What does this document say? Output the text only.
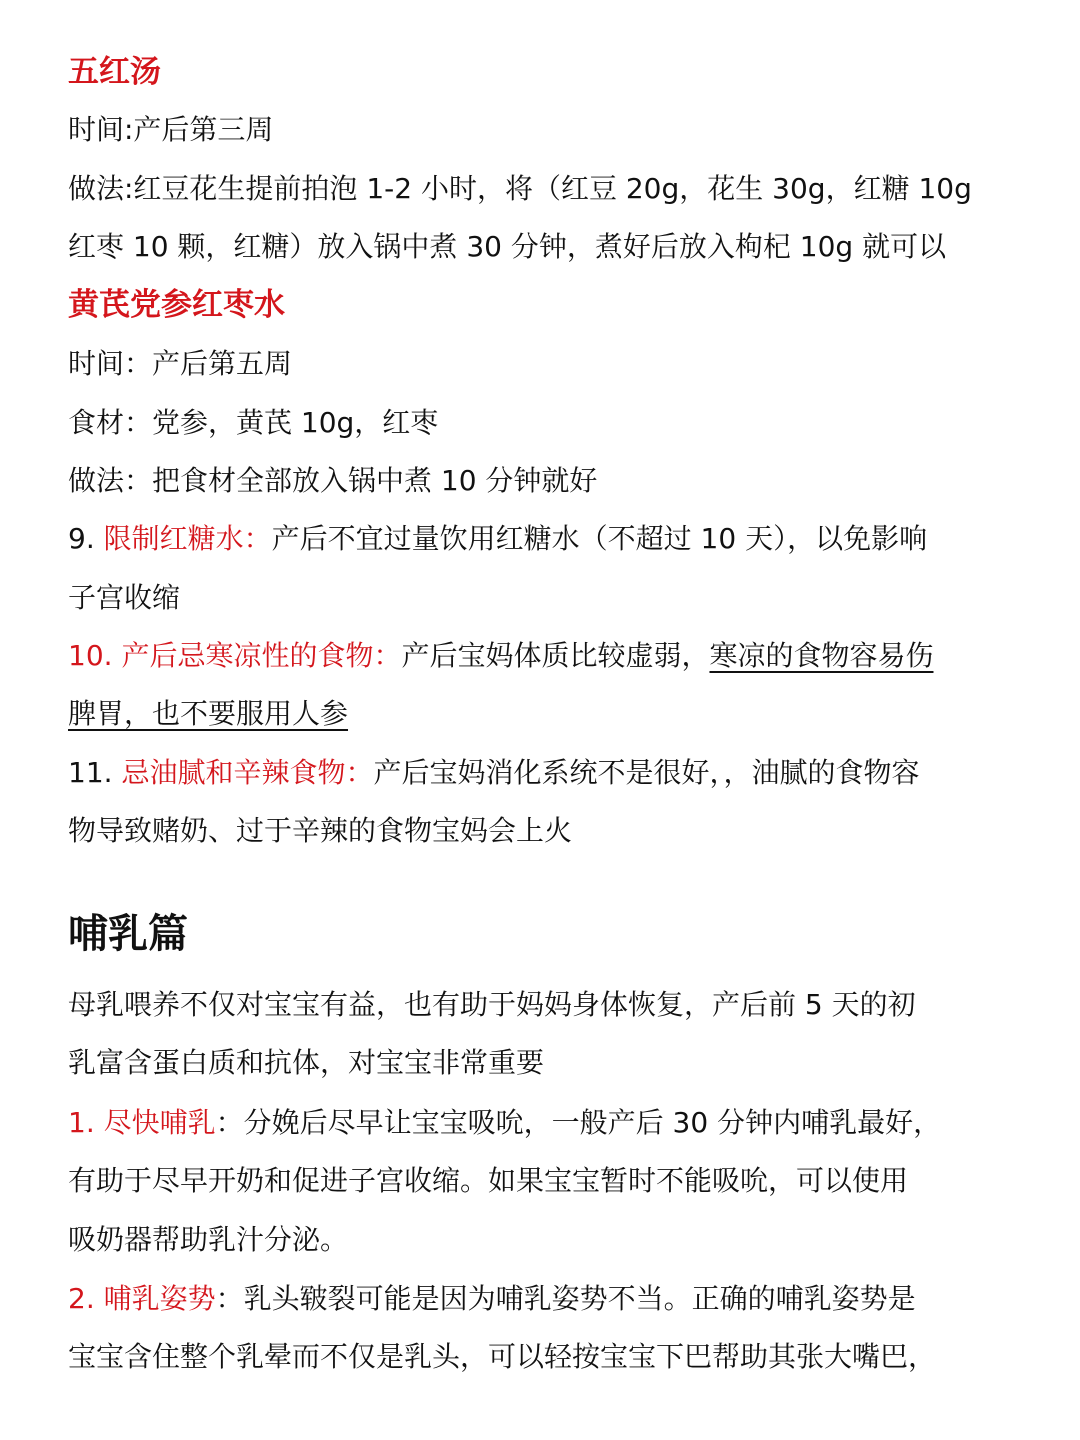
五红汤
时间:产后第三周
做法:红豆花生提前拍泡 1-2 小时，将（红豆 20g，花生 30g，红糖 10g
红枣 10 颗，红糖）放入锅中煮 30 分钟，煮好后放入枸杞 10g 就可以
黄芪党参红枣水
时间：产后第五周
食材：党参，黄芪 10g，红枣
做法：把食材全部放入锅中煮 10 分钟就好
9. 限制红糖水：产后不宜过量饮用红糖水（不超过 10 天），以免影响
子宫收缩
10. 产后忌寒凉性的食物：产后宝妈体质比较虚弱，寒凉的食物容易伤
脾胃，也不要服用人参
11. 忌油腻和辛辣食物：产后宝妈消化系统不是很好，，油腻的食物容
物导致赌奶、过于辛辣的食物宝妈会上火
哺乳篇
母乳喂养不仅对宝宝有益，也有助于妈妈身体恢复，产后前 5 天的初
乳富含蛋白质和抗体，对宝宝非常重要
1. 尽快哺乳：分娩后尽早让宝宝吸吮，一般产后 30 分钟内哺乳最好，
有助于尽早开奶和促进子宫收缩。如果宝宝暂时不能吸吮，可以使用
吸奶器帮助乳汁分泌。
2. 哺乳姿势：乳头皲裂可能是因为哺乳姿势不当。正确的哺乳姿势是
宝宝含住整个乳晕而不仅是乳头，可以轻按宝宝下巴帮助其张大嘴巴，
